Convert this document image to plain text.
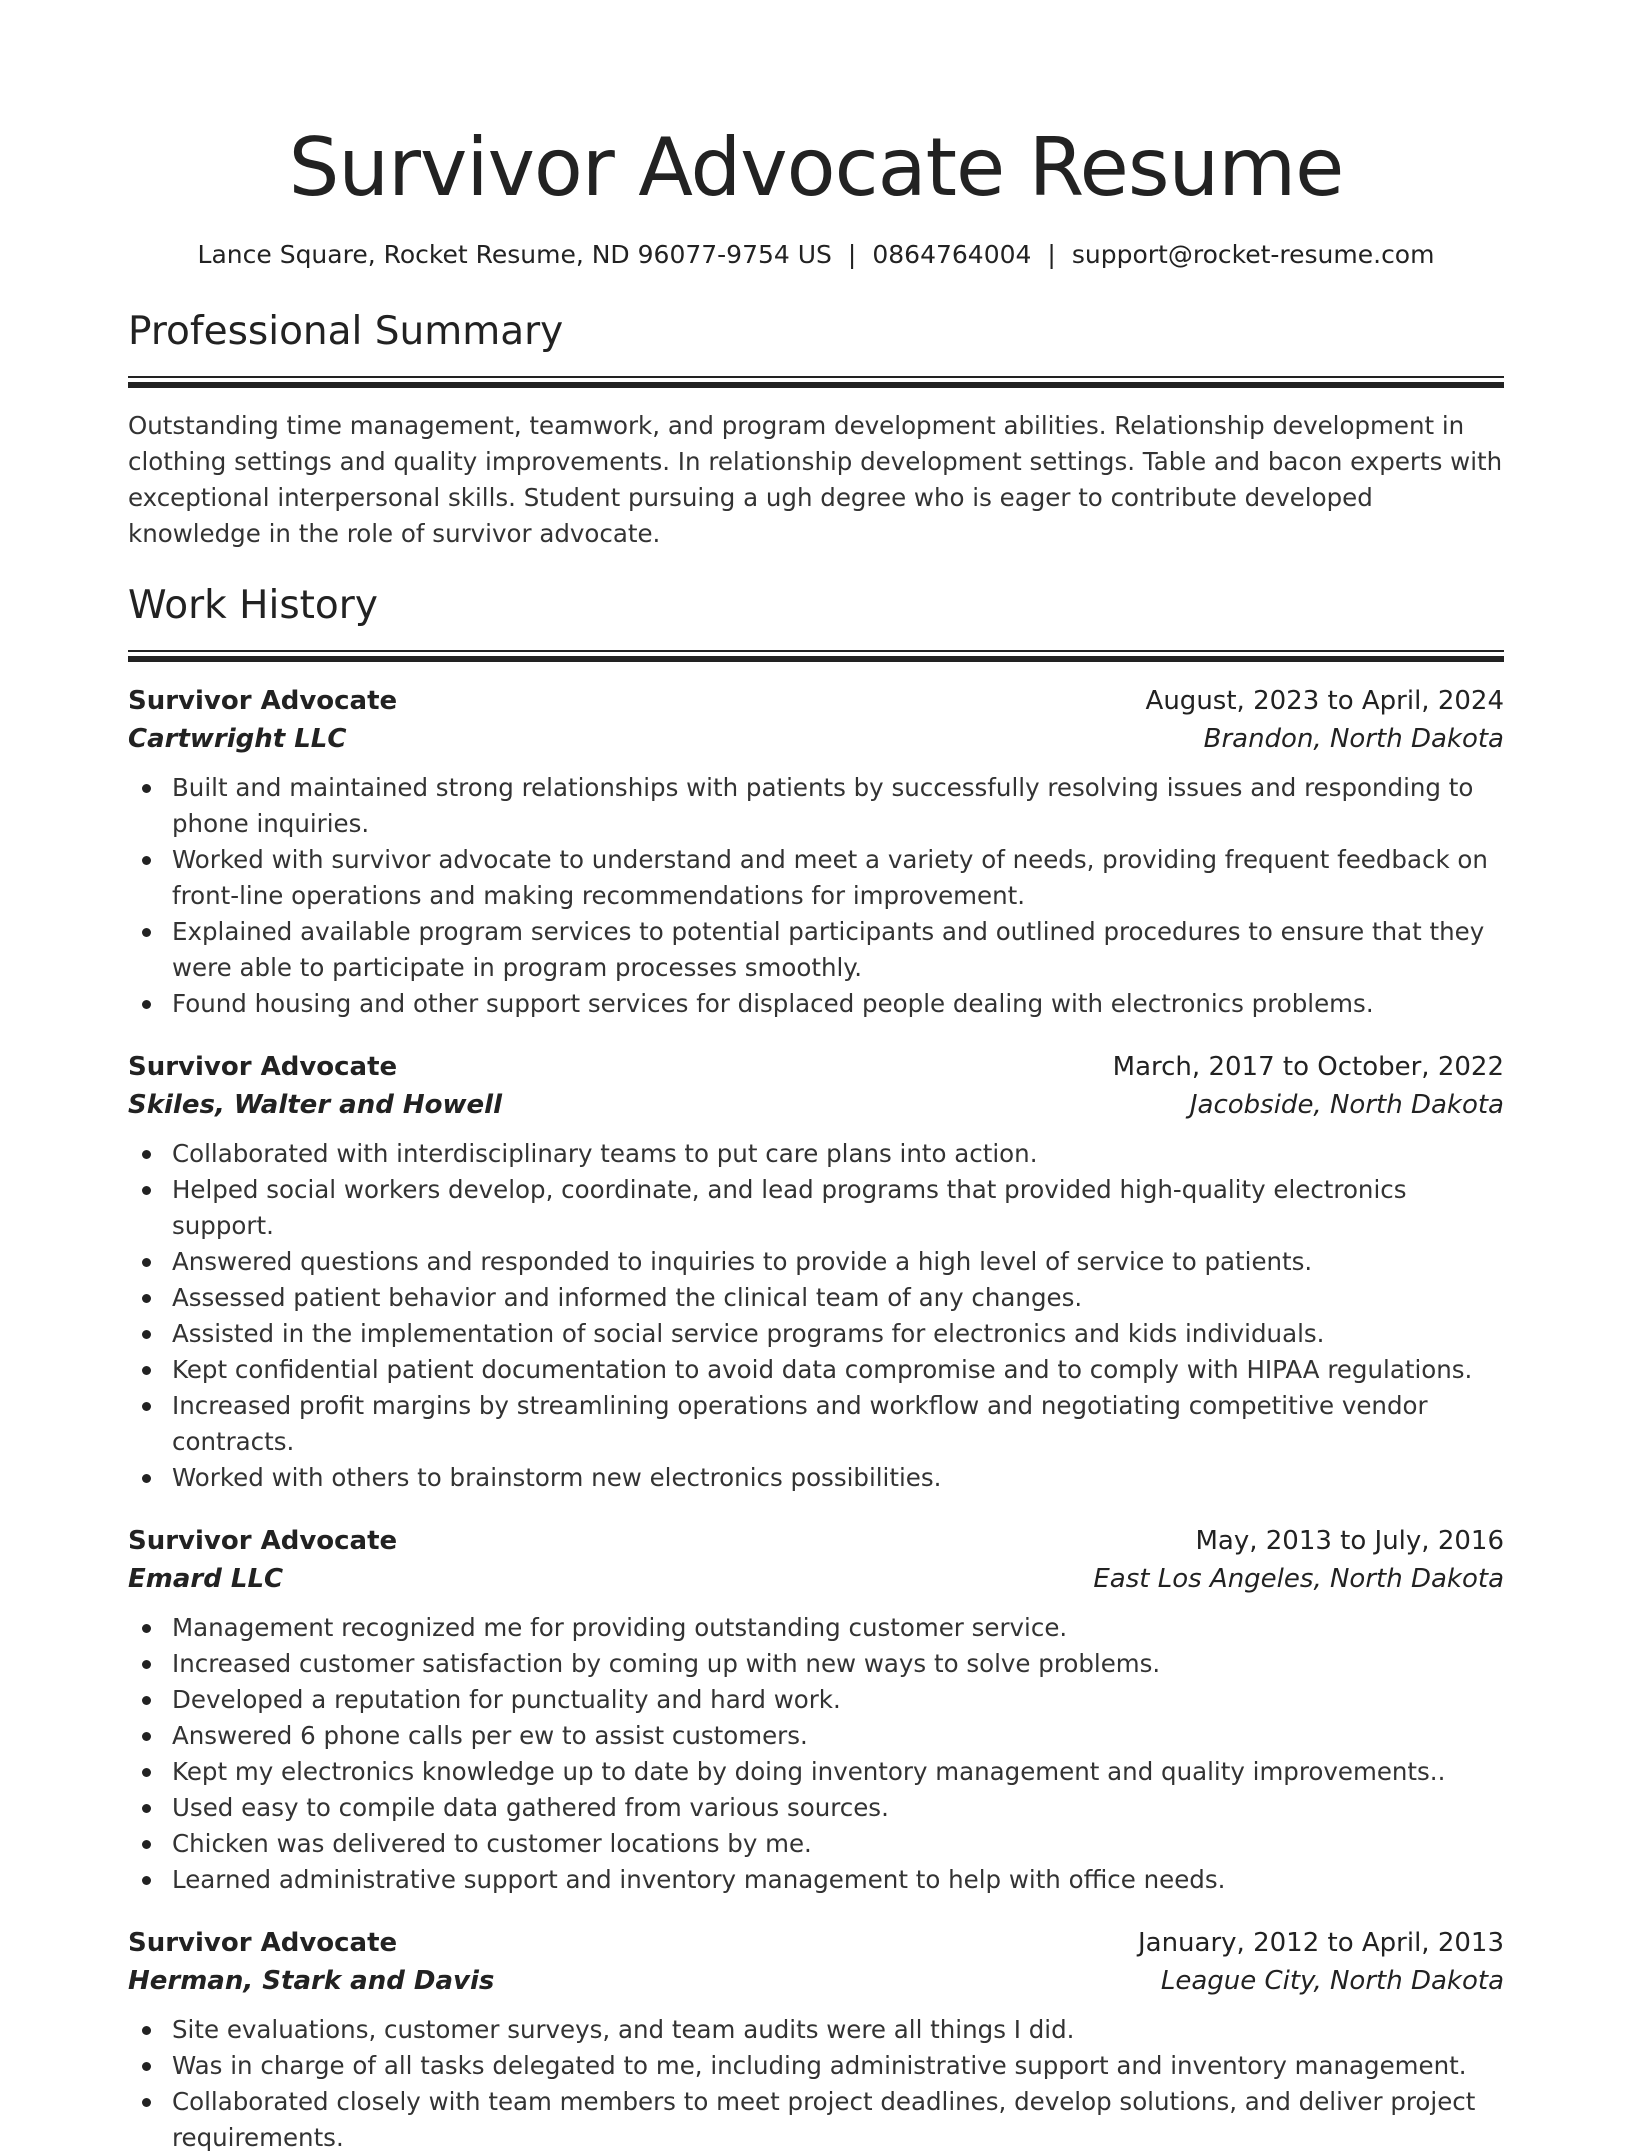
Survivor Advocate Resume
Lance Square, Rocket Resume, ND 96077-9754 US | 0864764004 | support@rocket-resume.com
Professional Summary

Outstanding time management, teamwork, and program development abilities. Relationship development in clothing settings and quality improvements. In relationship development settings. Table and bacon experts with exceptional interpersonal skills. Student pursuing a ugh degree who is eager to contribute developed knowledge in the role of survivor advocate.

Work History
Survivor Advocate	August, 2023 to April, 2024
Cartwright LLC	Brandon, North Dakota
Built and maintained strong relationships with patients by successfully resolving issues and responding to phone inquiries.
Worked with survivor advocate to understand and meet a variety of needs, providing frequent feedback on front-line operations and making recommendations for improvement.
Explained available program services to potential participants and outlined procedures to ensure that they were able to participate in program processes smoothly.
Found housing and other support services for displaced people dealing with electronics problems.
Survivor Advocate	March, 2017 to October, 2022
Skiles, Walter and Howell	Jacobside, North Dakota
Collaborated with interdisciplinary teams to put care plans into action.
Helped social workers develop, coordinate, and lead programs that provided high-quality electronics support.
Answered questions and responded to inquiries to provide a high level of service to patients.
Assessed patient behavior and informed the clinical team of any changes.
Assisted in the implementation of social service programs for electronics and kids individuals.
Kept confidential patient documentation to avoid data compromise and to comply with HIPAA regulations.
Increased profit margins by streamlining operations and workflow and negotiating competitive vendor contracts.
Worked with others to brainstorm new electronics possibilities.
Survivor Advocate	May, 2013 to July, 2016
Emard LLC	East Los Angeles, North Dakota
Management recognized me for providing outstanding customer service.
Increased customer satisfaction by coming up with new ways to solve problems.
Developed a reputation for punctuality and hard work.
Answered 6 phone calls per ew to assist customers.
Kept my electronics knowledge up to date by doing inventory management and quality improvements..
Used easy to compile data gathered from various sources.
Chicken was delivered to customer locations by me.
Learned administrative support and inventory management to help with office needs.
Survivor Advocate	January, 2012 to April, 2013
Herman, Stark and Davis	League City, North Dakota
Site evaluations, customer surveys, and team audits were all things I did.
Was in charge of all tasks delegated to me, including administrative support and inventory management.
Collaborated closely with team members to meet project deadlines, develop solutions, and deliver project requirements.
